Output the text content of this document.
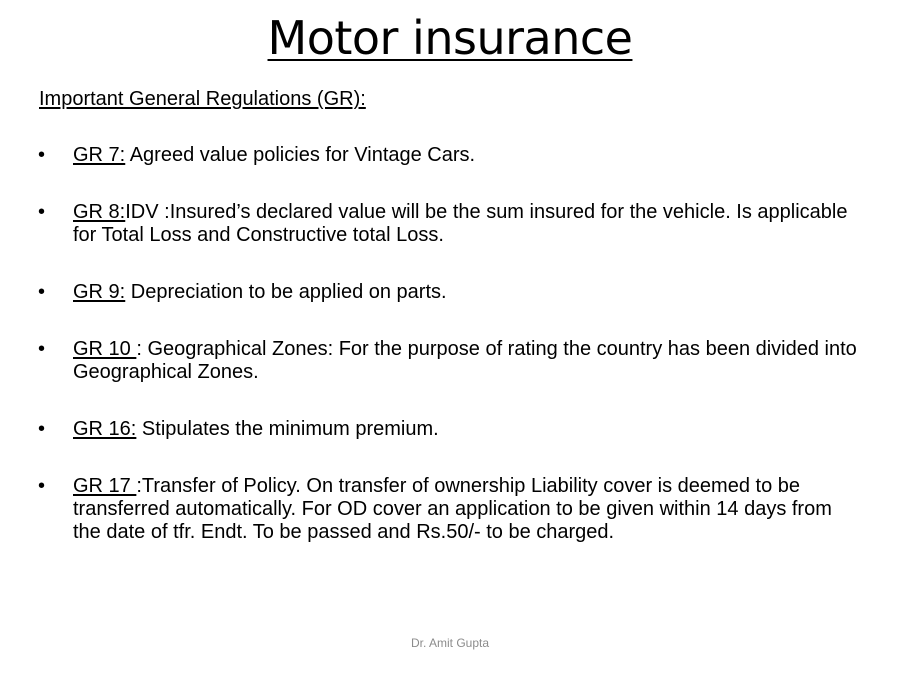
Motor insurance
Important General Regulations (GR):
• GR 7: Agreed value policies for Vintage Cars.
• GR 8:IDV :Insured’s declared value will be the sum insured for the vehicle. Is applicable for Total Loss and Constructive total Loss.
• GR 9: Depreciation to be applied on parts.
• GR 10 : Geographical Zones: For the purpose of rating the country has been divided into Geographical Zones.
• GR 16: Stipulates the minimum premium.
• GR 17 :Transfer of Policy. On transfer of ownership Liability cover is deemed to be transferred automatically. For OD cover an application to be given within 14 days from the date of tfr. Endt. To be passed and Rs.50/- to be charged.
Dr. Amit Gupta
